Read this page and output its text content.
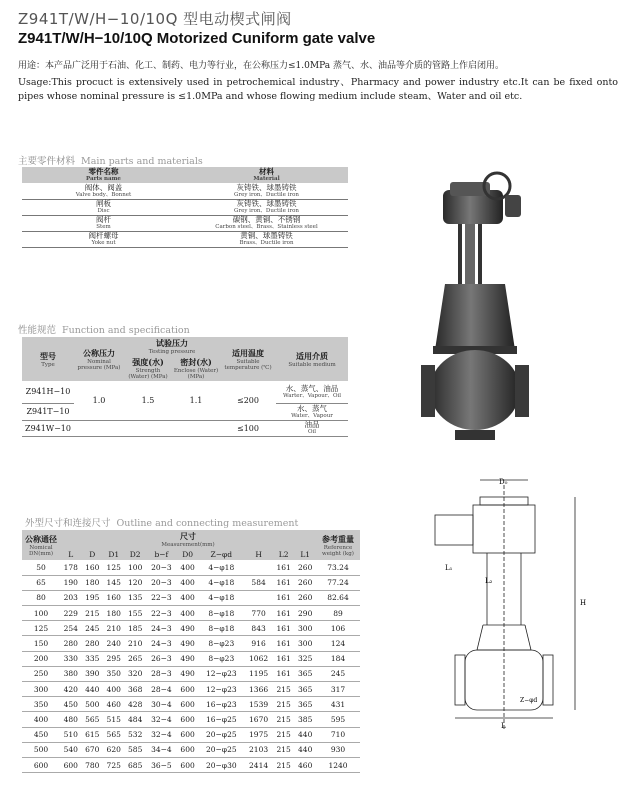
Z941T/W/H−10/10Q 型电动楔式闸阀
Z941T/W/H−10/10Q Motorized Cuniform gate valve
用途：本产品广泛用于石油、化工、制药、电力等行业，在公称压力≤1.0MPa 蒸气、水、油品等介质的管路上作启闭用。
Usage:This procuct is extensively used in petrochemical industry、Pharmacy and power industry etc.It can be fixed onto pipes whose nominal pressure is ≤1.0MPa and whose flowing medium include steam、Water and oil etc.
主要零件材料 Main parts and materials
零件名称
Parts name	材料
Material

阀体、阀盖
Valve body、Bonnet	灰铸铁、球墨铸铁
Grey iron、Ductile iron

闸板
Disc	灰铸铁、球墨铸铁
Grey iron、Ductile iron

阀杆
Stem	碳钢、黄铜、不锈钢
Carbon steel、Brass、Stainless steel

阀杆螺母
Yoke nut	黄铜、球墨铸铁
Brass、Ductile iron
性能规范 Function and specification
型号
Type	公称压力
Nominal pressure (MPa)	试验压力
Testing pressure		适用温度
Suitable temperature (℃)	适用介质
Suitable medium

		强度(水)
Strength (Water) (MPa)	密封(水)
Enclose (Water) (MPa)		

Z941H−10	1.0	1.5	1.1	≤200	水、蒸气、油品
Warter、Vapour、Oil

Z941T−10					水、蒸气
Water、Vapour

Z941W−10				≤100	油品
Oil
外型尺寸和连接尺寸 Outline and connecting measurement
公称通径
Nomical
DN(mm)	尺寸
Measurement(mm)										参考重量
Reference weight (kg)

	L	D	D1	D2	b−f	D0	Z−φd	H	L2	L1	
50	178	160	125	100	20−3	400	4−φ18		161	260	73.24
65	190	180	145	120	20−3	400	4−φ18	584	161	260	77.24
80	203	195	160	135	22−3	400	4−φ18		161	260	82.64
100	229	215	180	155	22−3	400	8−φ18	770	161	290	89
125	254	245	210	185	24−3	490	8−φ18	843	161	300	106
150	280	280	240	210	24−3	490	8−φ23	916	161	300	124
200	330	335	295	265	26−3	490	8−φ23	1062	161	325	184
250	380	390	350	320	28−3	490	12−φ23	1195	161	365	245
300	420	440	400	368	28−4	600	12−φ23	1366	215	365	317
350	450	500	460	428	30−4	600	16−φ23	1539	215	365	431
400	480	565	515	484	32−4	600	16−φ25	1670	215	385	595
450	510	615	565	532	32−4	600	20−φ25	1975	215	440	710
500	540	670	620	585	34−4	600	20−φ25	2103	215	440	930
600	600	780	725	685	36−5	600	20−φ30	2414	215	460	1240
D₀
L₁
L₂
H
L
Z−φd
